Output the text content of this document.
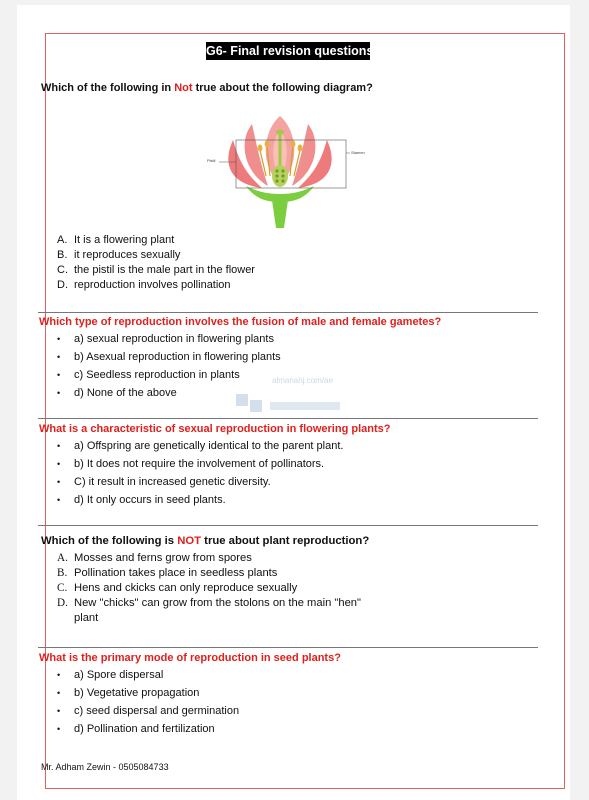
G6- Final revision questions
Which of the following in Not true about the following diagram?
Pistil
Stamen
A. It is a flowering plant
B. it reproduces sexually
C. the pistil is the male part in the flower
D. reproduction involves pollination
Which type of reproduction involves the fusion of male and female gametes?
• a) sexual reproduction in flowering plants
• b) Asexual reproduction in flowering plants
• c) Seedless reproduction in plants
• d) None of the above
almanahj.com/ae
What is a characteristic of sexual reproduction in flowering plants?
• a) Offspring are genetically identical to the parent plant.
• b) It does not require the involvement of pollinators.
• C) it result in increased genetic diversity.
• d) It only occurs in seed plants.
Which of the following is NOT true about plant reproduction?
A. Mosses and ferns grow from spores
B. Pollination takes place in seedless plants
C. Hens and ckicks can only reproduce sexually
D. New "chicks" can grow from the stolons on the main "hen"
plant
What is the primary mode of reproduction in seed plants?
• a) Spore dispersal
• b) Vegetative propagation
• c) seed dispersal and germination
• d) Pollination and fertilization
Mr. Adham Zewin - 0505084733
